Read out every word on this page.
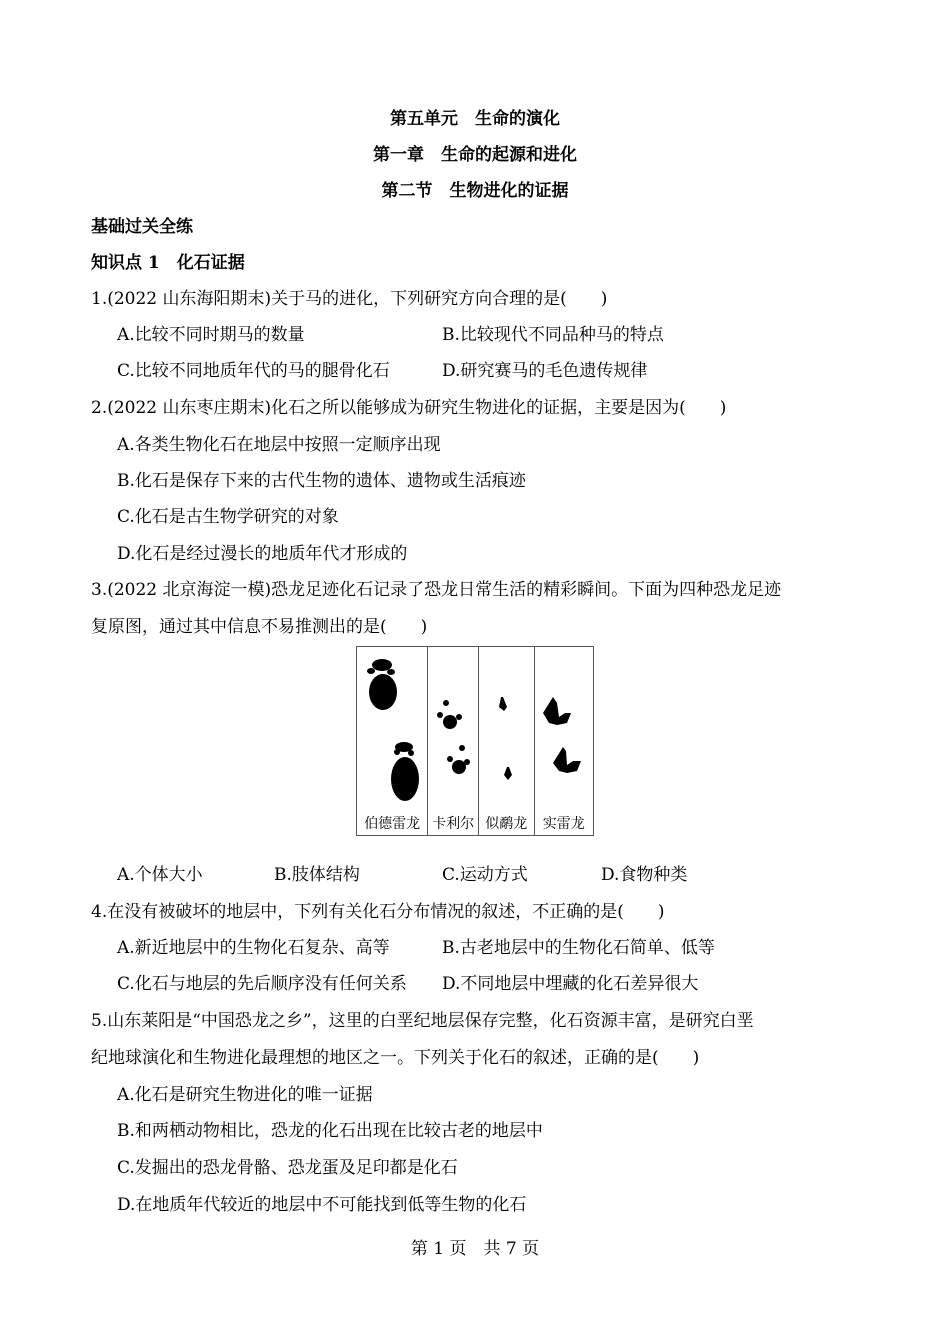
第五单元　生命的演化
第一章　生命的起源和进化
第二节　生物进化的证据
基础过关全练
知识点 1　化石证据
1.(2022 山东海阳期末)关于马的进化，下列研究方向合理的是(　　)
A.比较不同时期马的数量	B.比较现代不同品种马的特点
C.比较不同地质年代的马的腿骨化石	D.研究赛马的毛色遗传规律
2.(2022 山东枣庄期末)化石之所以能够成为研究生物进化的证据，主要是因为(　　)
A.各类生物化石在地层中按照一定顺序出现
B.化石是保存下来的古代生物的遗体、遗物或生活痕迹
C.化石是古生物学研究的对象
D.化石是经过漫长的地质年代才形成的
3.(2022 北京海淀一模)恐龙足迹化石记录了恐龙日常生活的精彩瞬间。下面为四种恐龙足迹
复原图，通过其中信息不易推测出的是(　　)
伯德雷龙 卡利尔 似鹬龙	实雷龙
A.个体大小	B.肢体结构	C.运动方式	D.食物种类
4.在没有被破坏的地层中，下列有关化石分布情况的叙述，不正确的是(　　)
A.新近地层中的生物化石复杂、高等	B.古老地层中的生物化石简单、低等
C.化石与地层的先后顺序没有任何关系 D.不同地层中埋藏的化石差异很大
5.山东莱阳是“中国恐龙之乡”，这里的白垩纪地层保存完整，化石资源丰富，是研究白垩
纪地球演化和生物进化最理想的地区之一。下列关于化石的叙述，正确的是(　　)
A.化石是研究生物进化的唯一证据
B.和两栖动物相比，恐龙的化石出现在比较古老的地层中
C.发掘出的恐龙骨骼、恐龙蛋及足印都是化石
D.在地质年代较近的地层中不可能找到低等生物的化石
第 1 页　共 7 页
